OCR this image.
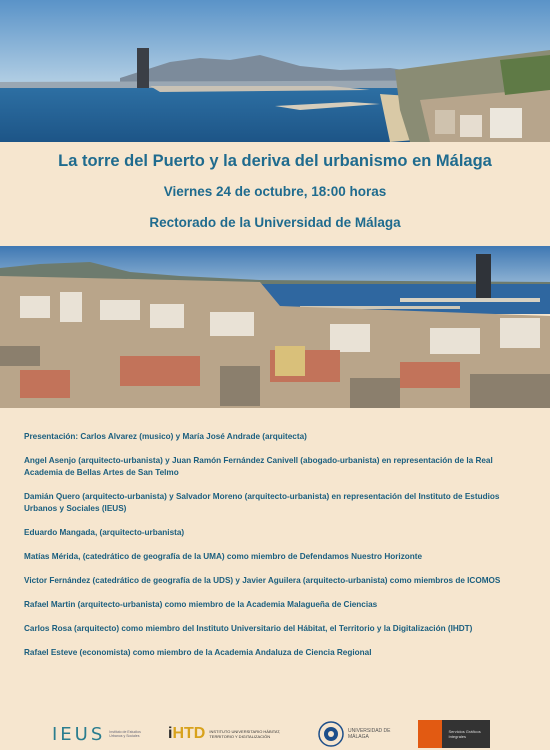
La torre del Puerto y la deriva del urbanismo en Málaga
Viernes 24 de octubre, 18:00 horas
Rectorado de la Universidad de Málaga

Presentación: Carlos Alvarez (musico) y María José Andrade (arquitecta)

Angel Asenjo (arquitecto-urbanista) y Juan Ramón Fernández Canivell (abogado-urbanista) en representación de la Real Academia de Bellas Artes de San Telmo

Damián Quero (arquitecto-urbanista) y Salvador Moreno (arquitecto-urbanista) en representación del Instituto de Estudios Urbanos y Sociales (IEUS)

Eduardo Mangada, (arquitecto-urbanista)

Matías Mérida, (catedrático de geografía de la UMA) como miembro de Defendamos Nuestro Horizonte

Victor Fernández (catedrático de geografía de la UDS) y Javier Aguilera (arquitecto-urbanista) como miembros de ICOMOS

Rafael Martin (arquitecto-urbanista) como miembro de la Academia Malagueña de Ciencias

Carlos Rosa (arquitecto) como miembro del Instituto Universitario del Hábitat, el Territorio y la Digitalización (IHDT)

Rafael Esteve (economista) como miembro de la Academia Andaluza de Ciencia Regional

IEUS Instituto de Estudios Urbanos y Sociales	iHTD INSTITUTO UNIVERSITARIO HÁBITAT, TERRITORIO Y DIGITALIZACIÓN
UNIVERSIDAD DE MÁLAGA
Servicios Gráficos Integrales
